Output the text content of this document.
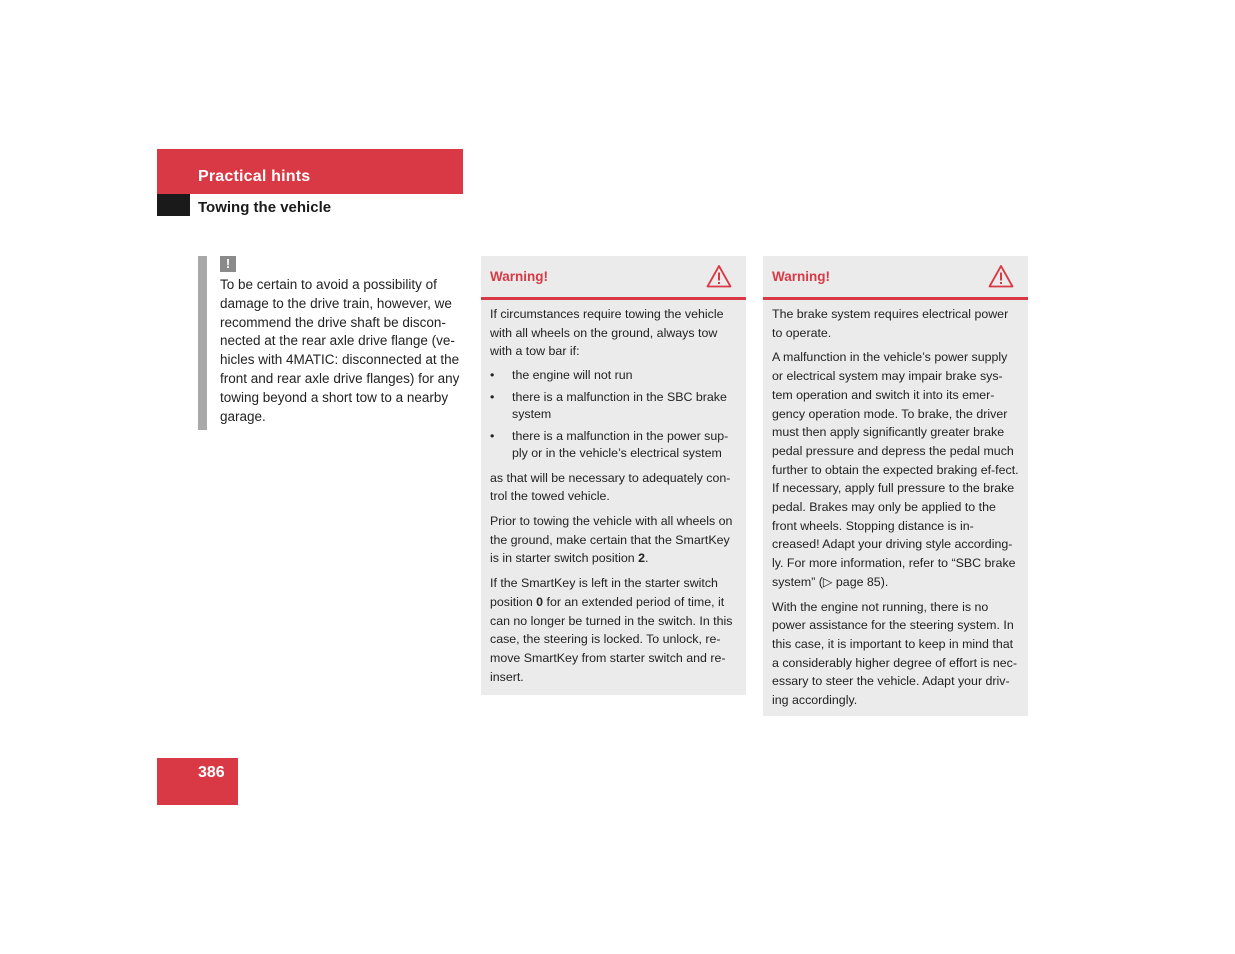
Practical hints
Towing the vehicle
!
To be certain to avoid a possibility of damage to the drive train, however, we recommend the drive shaft be discon-nected at the rear axle drive flange (ve-hicles with 4MATIC: disconnected at the front and rear axle drive flanges) for any towing beyond a short tow to a nearby garage.
Warning!

If circumstances require towing the vehicle with all wheels on the ground, always tow with a tow bar if:

• the engine will not run
• there is a malfunction in the SBC brake system
• there is a malfunction in the power sup-ply or in the vehicle’s electrical system

as that will be necessary to adequately con-trol the towed vehicle.

Prior to towing the vehicle with all wheels on the ground, make certain that the SmartKey is in starter switch position 2.

If the SmartKey is left in the starter switch position 0 for an extended period of time, it can no longer be turned in the switch. In this case, the steering is locked. To unlock, re-move SmartKey from starter switch and re-insert.

Warning!

The brake system requires electrical power to operate.

A malfunction in the vehicle’s power supply or electrical system may impair brake sys-tem operation and switch it into its emer-gency operation mode. To brake, the driver must then apply significantly greater brake pedal pressure and depress the pedal much further to obtain the expected braking ef-fect. If necessary, apply full pressure to the brake pedal. Brakes may only be applied to the front wheels. Stopping distance is in-creased! Adapt your driving style according-ly. For more information, refer to “SBC brake system” (▷ page 85).

With the engine not running, there is no power assistance for the steering system. In this case, it is important to keep in mind that a considerably higher degree of effort is nec-essary to steer the vehicle. Adapt your driv-ing accordingly.

386
